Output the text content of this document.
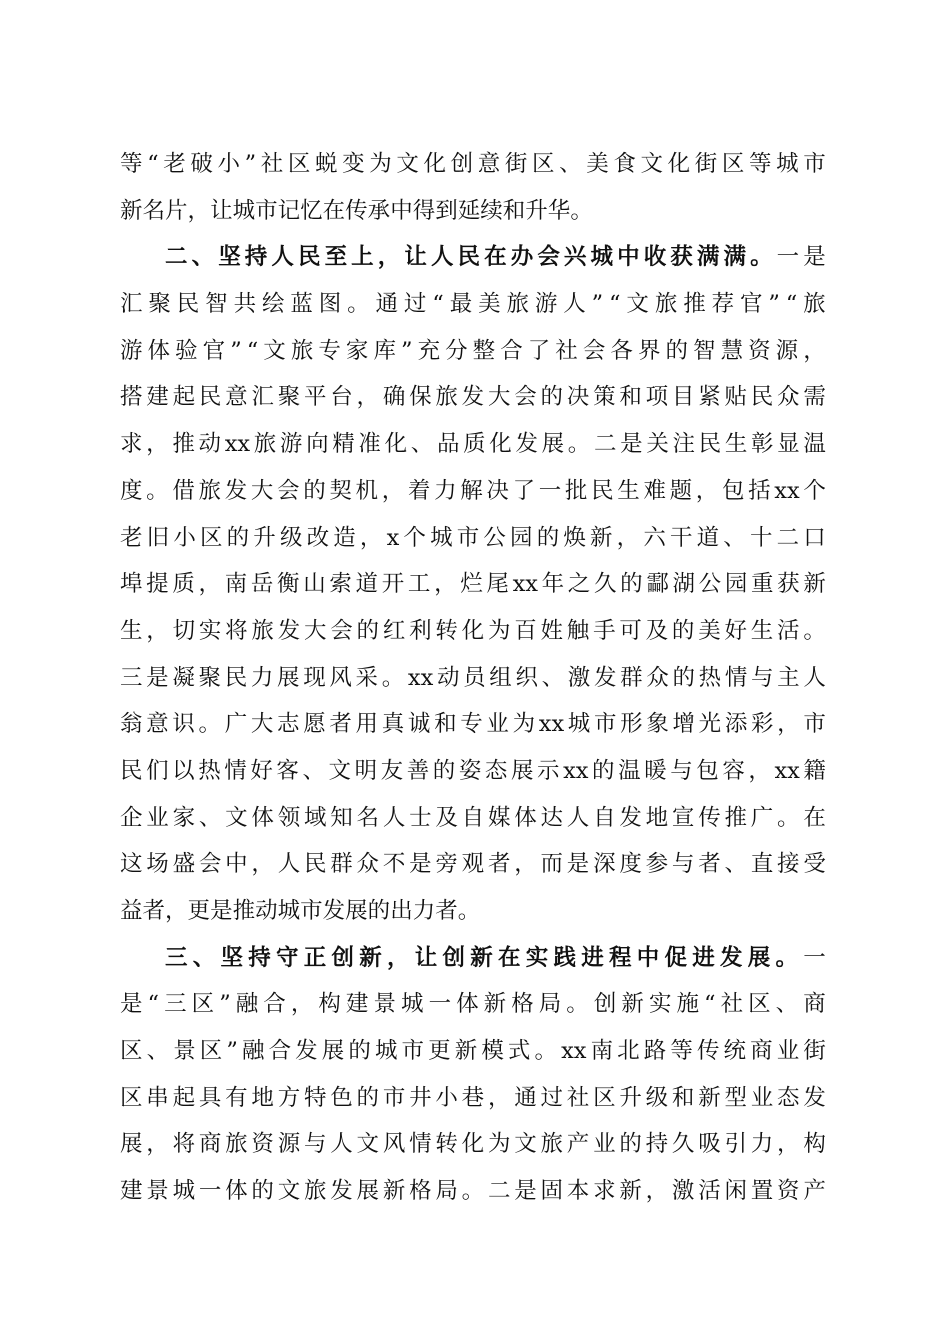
等 “ 老 破 小 ” 社 区 蜕 变 为 文 化 创 意 街 区 、 美 食 文 化 街 区 等 城 市
新 名 片 ， 让 城 市 记 忆 在 传 承 中 得 到 延 续 和 升 华 。
二 、 坚 持 人 民 至 上 ， 让 人 民 在 办 会 兴 城 中 收 获 满 满 。 一 是
汇 聚 民 智 共 绘 蓝 图 。 通 过 “ 最 美 旅 游 人 ” “ 文 旅 推 荐 官 ” “ 旅
游 体 验 官 ” “ 文 旅 专 家 库 ” 充 分 整 合 了 社 会 各 界 的 智 慧 资 源 ，
搭 建 起 民 意 汇 聚 平 台 ， 确 保 旅 发 大 会 的 决 策 和 项 目 紧 贴 民 众 需
求 ， 推 动 xx 旅 游 向 精 准 化 、 品 质 化 发 展 。 二 是 关 注 民 生 彰 显 温
度 。 借 旅 发 大 会 的 契 机 ， 着 力 解 决 了 一 批 民 生 难 题 ， 包 括 xx 个
老 旧 小 区 的 升 级 改 造 ， x 个 城 市 公 园 的 焕 新 ， 六 干 道 、 十 二 口
埠 提 质 ， 南 岳 衡 山 索 道 开 工 ， 烂 尾 xx 年 之 久 的 酃 湖 公 园 重 获 新
生 ， 切 实 将 旅 发 大 会 的 红 利 转 化 为 百 姓 触 手 可 及 的 美 好 生 活 。
三 是 凝 聚 民 力 展 现 风 采 。 xx 动 员 组 织 、 激 发 群 众 的 热 情 与 主 人
翁 意 识 。 广 大 志 愿 者 用 真 诚 和 专 业 为 xx 城 市 形 象 增 光 添 彩 ， 市
民 们 以 热 情 好 客 、 文 明 友 善 的 姿 态 展 示 xx 的 温 暖 与 包 容 ， xx 籍
企 业 家 、 文 体 领 域 知 名 人 士 及 自 媒 体 达 人 自 发 地 宣 传 推 广 。 在
这 场 盛 会 中 ， 人 民 群 众 不 是 旁 观 者 ， 而 是 深 度 参 与 者 、 直 接 受
益 者 ， 更 是 推 动 城 市 发 展 的 出 力 者 。
三 、 坚 持 守 正 创 新 ， 让 创 新 在 实 践 进 程 中 促 进 发 展 。 一
是 “ 三 区 ” 融 合 ， 构 建 景 城 一 体 新 格 局 。 创 新 实 施 “ 社 区 、 商
区 、 景 区 ” 融 合 发 展 的 城 市 更 新 模 式 。 xx 南 北 路 等 传 统 商 业 街
区 串 起 具 有 地 方 特 色 的 市 井 小 巷 ， 通 过 社 区 升 级 和 新 型 业 态 发
展 ， 将 商 旅 资 源 与 人 文 风 情 转 化 为 文 旅 产 业 的 持 久 吸 引 力 ， 构
建 景 城 一 体 的 文 旅 发 展 新 格 局 。 二 是 固 本 求 新 ， 激 活 闲 置 资 产
